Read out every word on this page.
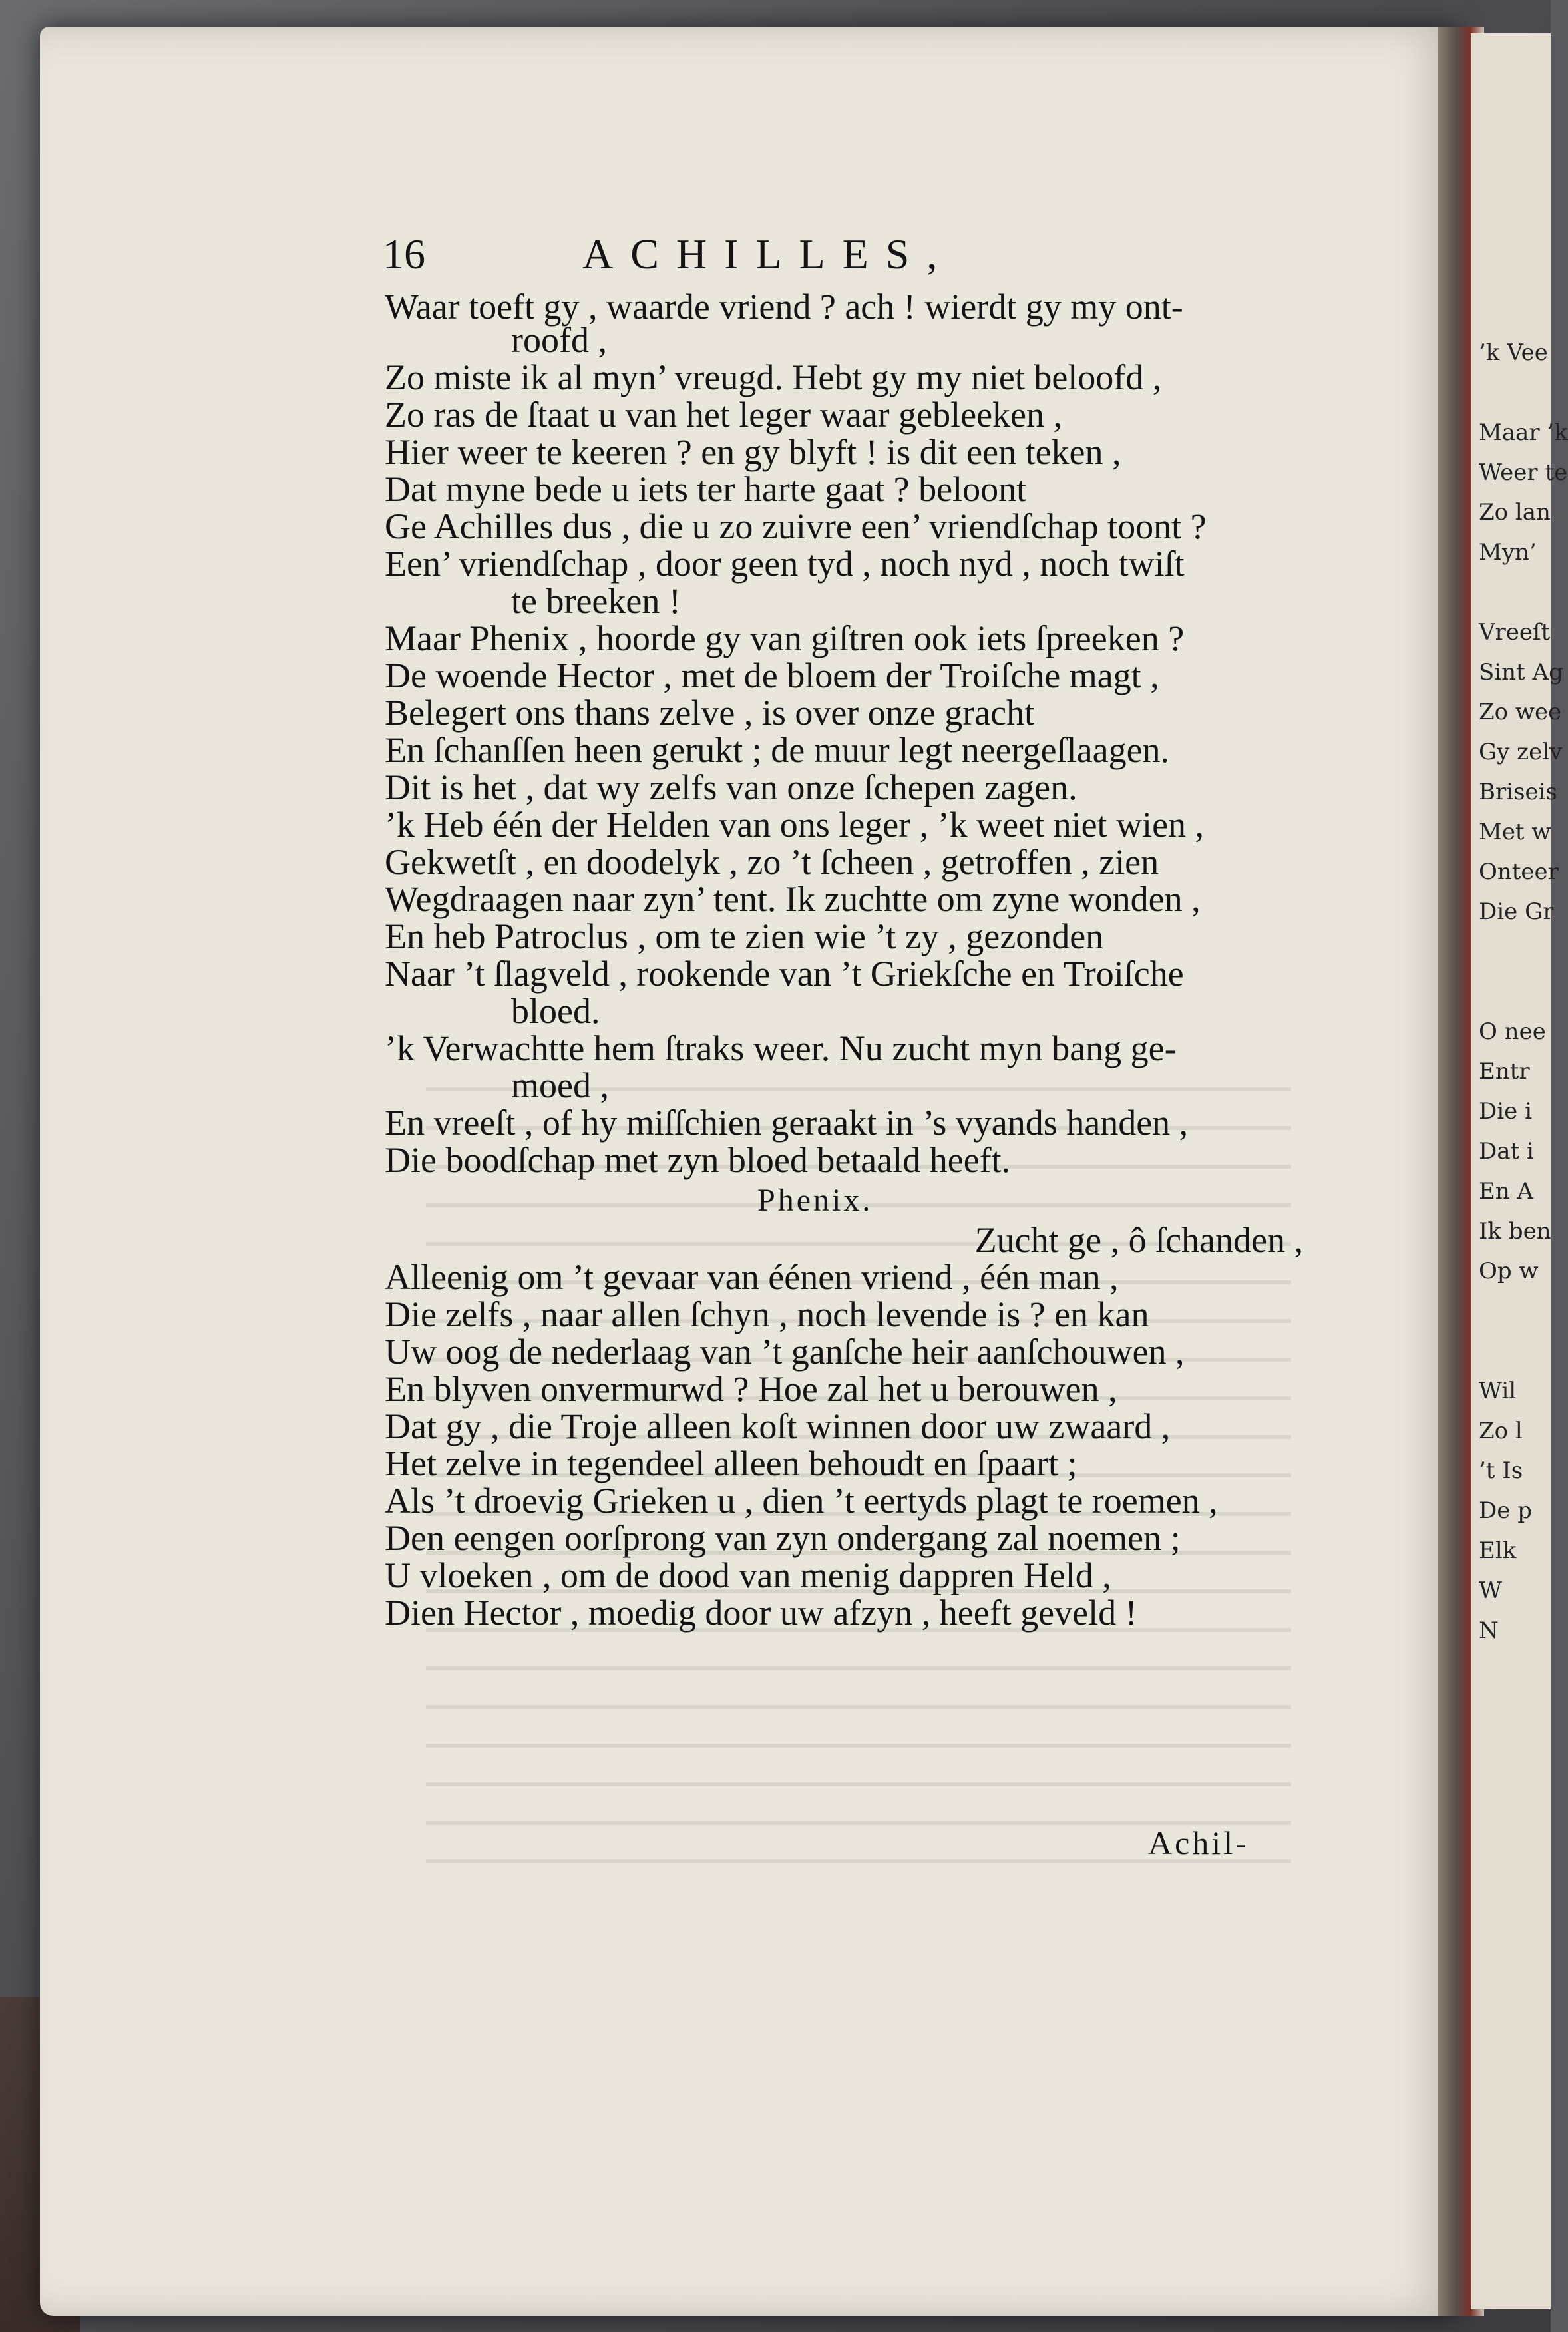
’k Vee
Maar ’k
Weer te
Zo lan
Myn’
Vreeſt
Sint Ag
Zo wee
Gy zelv
Briseis
Met w
Onteer
Die Gr
O nee
Entr
Die i
Dat i
En A
Ik ben
Op w
Wil
Zo l
’t Is
De p
Elk
W
N
16	ACHILLES,
Waar toeft gy , waarde vriend ? ach ! wierdt gy my ont-
roofd ,
Zo miste ik al myn’ vreugd. Hebt gy my niet beloofd ,
Zo ras de ſtaat u van het leger waar gebleeken ,
Hier weer te keeren ? en gy blyft ! is dit een teken ,
Dat myne bede u iets ter harte gaat ? beloont
Ge Achilles dus , die u zo zuivre een’ vriendſchap toont ?
Een’ vriendſchap , door geen tyd , noch nyd , noch twiſt
te breeken !
Maar Phenix , hoorde gy van giſtren ook iets ſpreeken ?
De woende Hector , met de bloem der Troiſche magt ,
Belegert ons thans zelve , is over onze gracht
En ſchanſſen heen gerukt ; de muur legt neergeſlaagen.
Dit is het , dat wy zelfs van onze ſchepen zagen.
’k Heb één der Helden van ons leger , ’k weet niet wien ,
Gekwetſt , en doodelyk , zo ’t ſcheen , getroffen , zien
Wegdraagen naar zyn’ tent. Ik zuchtte om zyne wonden ,
En heb Patroclus , om te zien wie ’t zy , gezonden
Naar ’t ſlagveld , rookende van ’t Griekſche en Troiſche
bloed.
’k Verwachtte hem ſtraks weer. Nu zucht myn bang ge-
moed ,
En vreeſt , of hy miſſchien geraakt in ’s vyands handen ,
Die boodſchap met zyn bloed betaald heeft.
Phenix.
Zucht ge , ô ſchanden ,
Alleenig om ’t gevaar van éénen vriend , één man ,
Die zelfs , naar allen ſchyn , noch levende is ? en kan
Uw oog de nederlaag van ’t ganſche heir aanſchouwen ,
En blyven onvermurwd ? Hoe zal het u berouwen ,
Dat gy , die Troje alleen koſt winnen door uw zwaard ,
Het zelve in tegendeel alleen behoudt en ſpaart ;
Als ’t droevig Grieken u , dien ’t eertyds plagt te roemen ,
Den eengen oorſprong van zyn ondergang zal noemen ;
U vloeken , om de dood van menig dappren Held ,
Dien Hector , moedig door uw afzyn , heeft geveld !
Achil-
